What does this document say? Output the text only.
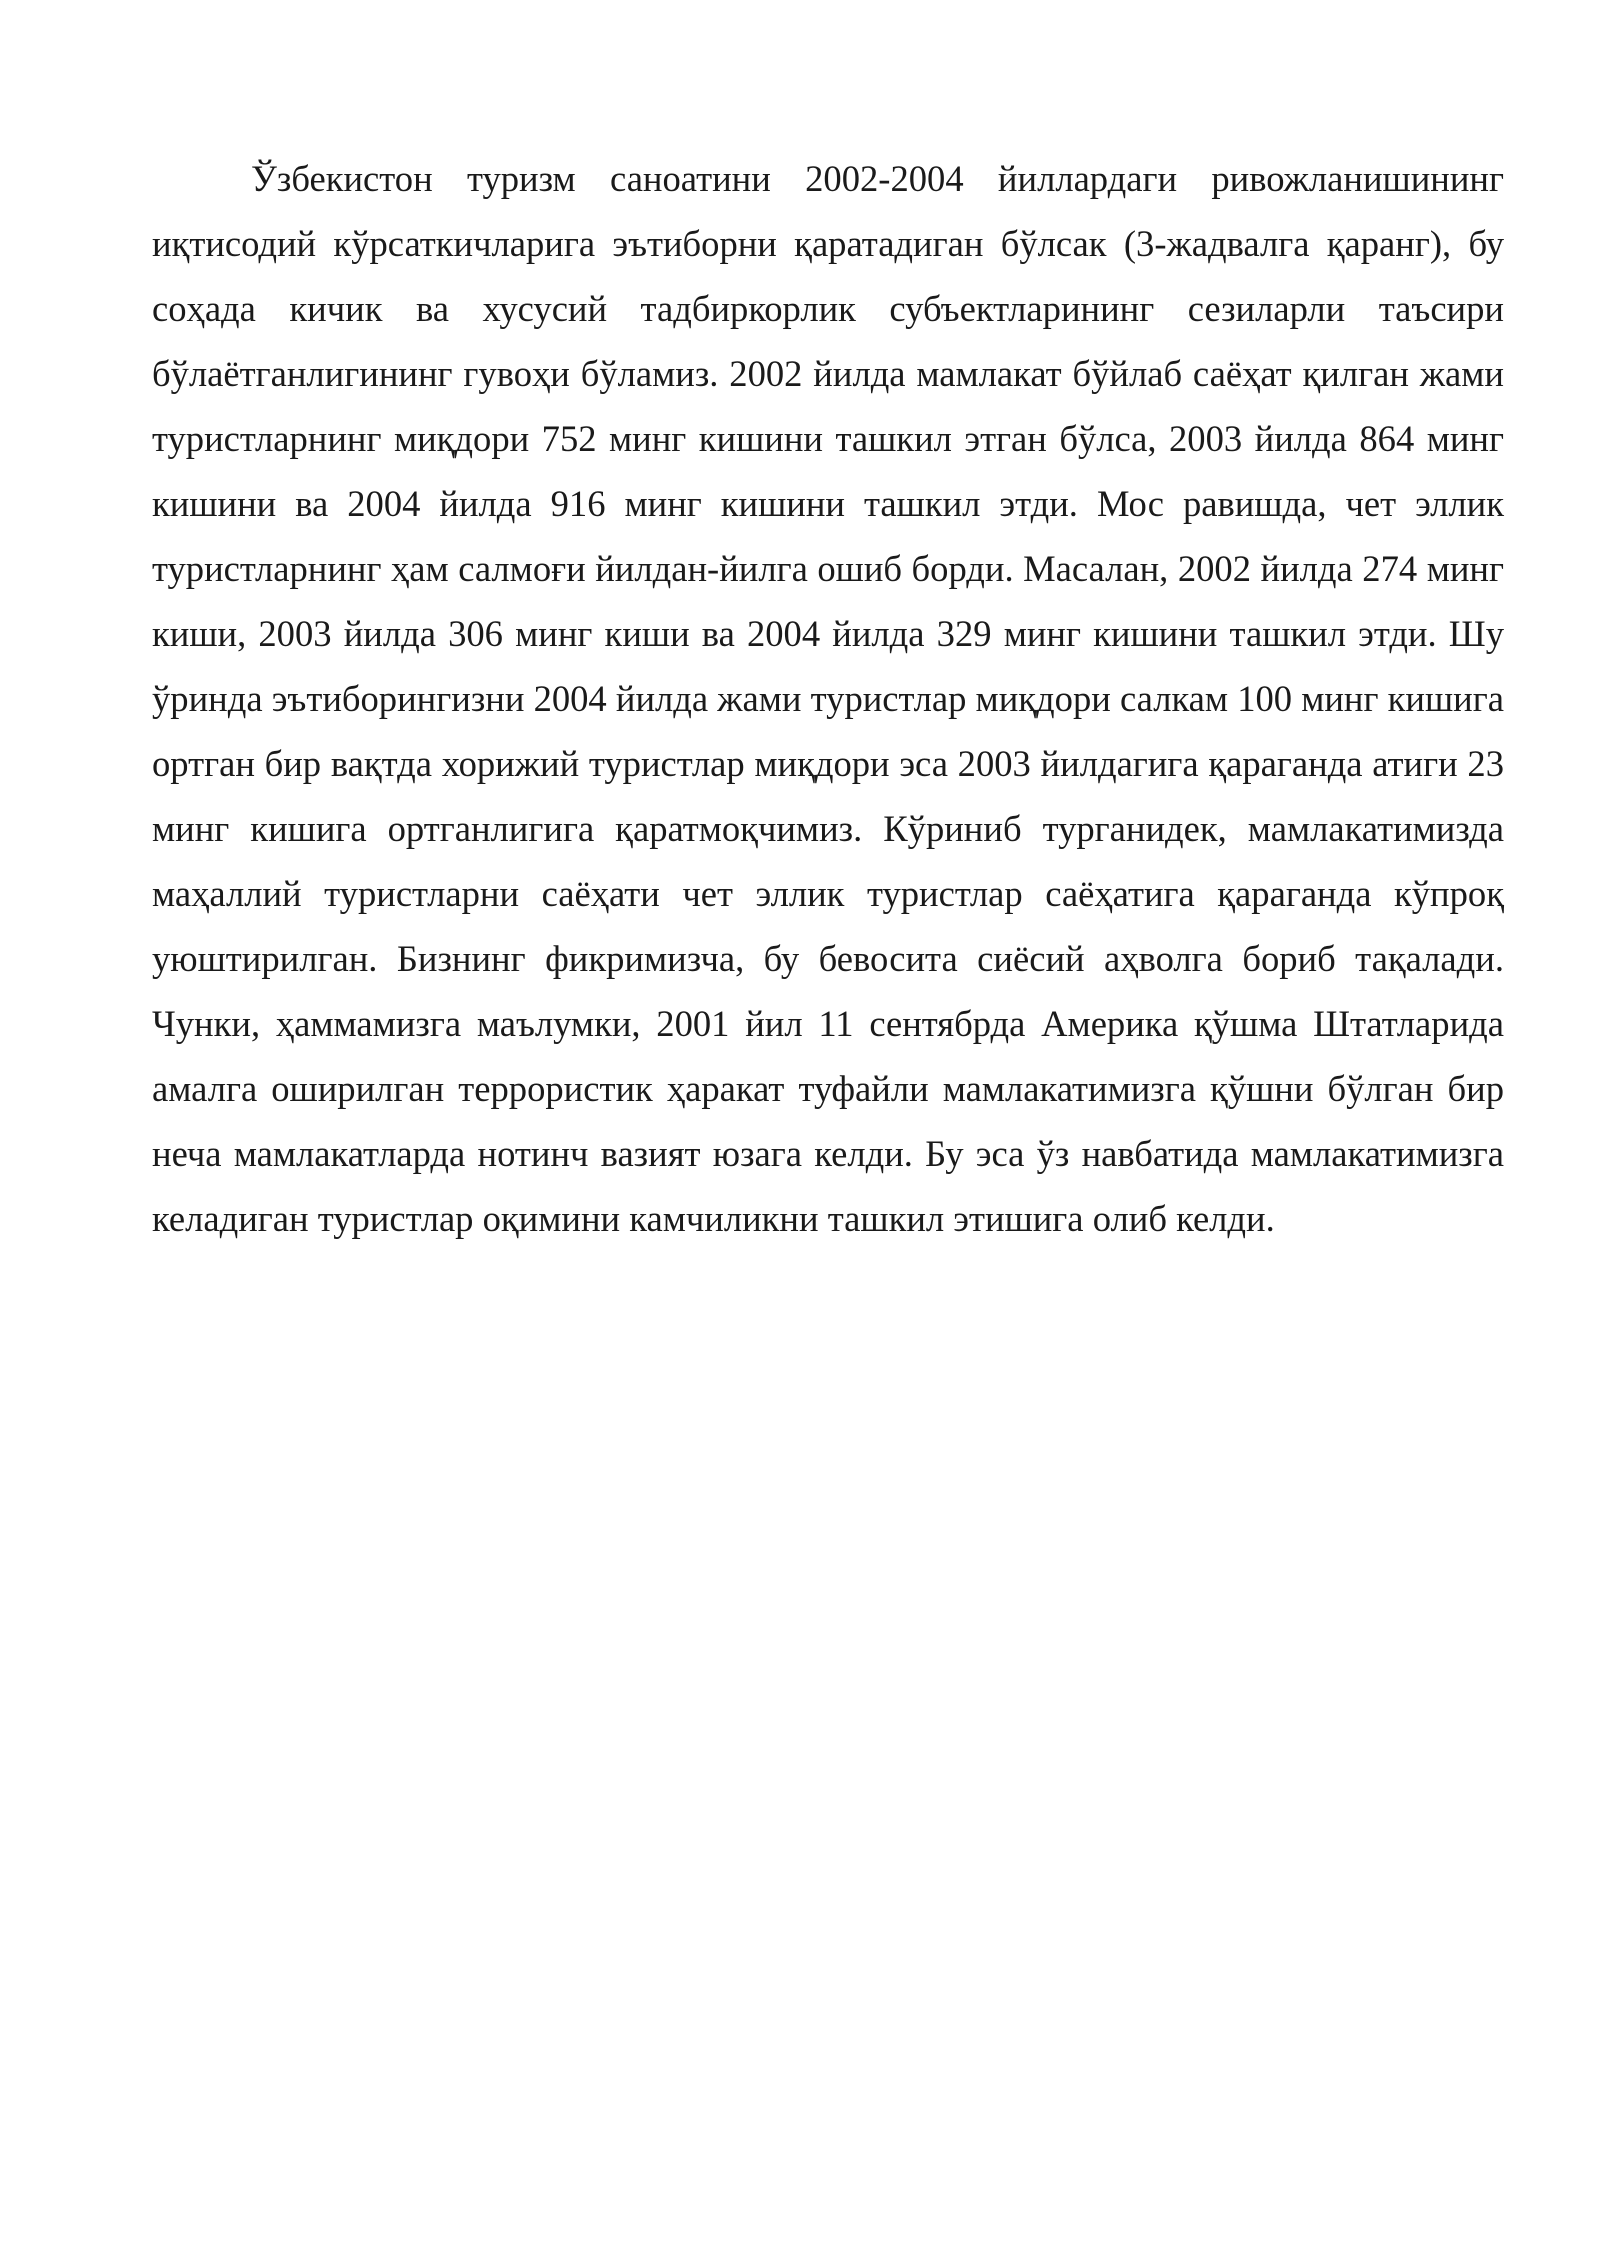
Ўзбекистон туризм саноатини 2002-2004 йиллардаги ривожланишининг иқтисодий кўрсаткичларига эътиборни қаратадиган бўлсак (3-жадвалга қаранг), бу соҳада кичик ва хусусий тадбиркорлик субъектларининг сезиларли таъсири бўлаётганлигининг гувоҳи бўламиз. 2002 йилда мамлакат бўйлаб саёҳат қилган жами туристларнинг миқдори 752 минг кишини ташкил этган бўлса, 2003 йилда 864 минг кишини ва 2004 йилда 916 минг кишини ташкил этди. Мос равишда, чет эллик туристларнинг ҳам салмоғи йилдан-йилга ошиб борди. Масалан, 2002 йилда 274 минг киши, 2003 йилда 306 минг киши ва 2004 йилда 329 минг кишини ташкил этди. Шу ўринда эътиборингизни 2004 йилда жами туристлар миқдори салкам 100 минг кишига ортган бир вақтда хорижий туристлар миқдори эса 2003 йилдагига қараганда атиги 23 минг кишига ортганлигига қаратмоқчимиз. Кўриниб турганидек, мамлакатимизда маҳаллий туристларни саёҳати чет эллик туристлар саёҳатига қараганда кўпроқ уюштирилган. Бизнинг фикримизча, бу бевосита сиёсий аҳволга бориб тақалади. Чунки, ҳаммамизга маълумки, 2001 йил 11 сентябрда Америка қўшма Штатларида амалга оширилган террористик ҳаракат туфайли мамлакатимизга қўшни бўлган бир неча мамлакатларда нотинч вазият юзага келди. Бу эса ўз навбатида мамлакатимизга келадиган туристлар оқимини камчиликни ташкил этишига олиб келди.
